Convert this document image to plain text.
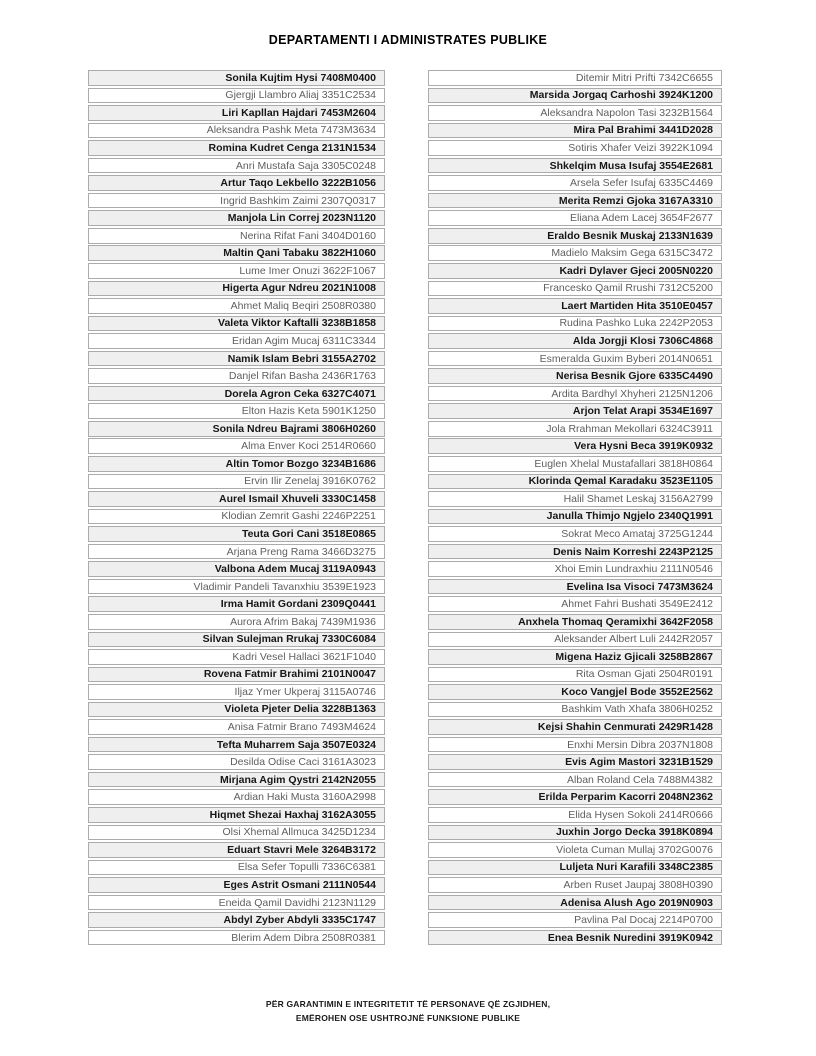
DEPARTAMENTI I ADMINISTRATES PUBLIKE
Sonila Kujtim Hysi 7408M0400
Gjergji Llambro Aliaj 3351C2534
Liri Kapllan Hajdari 7453M2604
Aleksandra Pashk Meta 7473M3634
Romina Kudret Cenga 2131N1534
Anri Mustafa Saja 3305C0248
Artur Taqo Lekbello 3222B1056
Ingrid Bashkim Zaimi 2307Q0317
Manjola Lin Correj 2023N1120
Nerina Rifat Fani 3404D0160
Maltin Qani Tabaku 3822H1060
Lume Imer Onuzi 3622F1067
Higerta Agur Ndreu 2021N1008
Ahmet Maliq Beqiri 2508R0380
Valeta Viktor Kaftalli 3238B1858
Eridan Agim Mucaj 6311C3344
Namik Islam Bebri 3155A2702
Danjel Rifan Basha 2436R1763
Dorela Agron Ceka 6327C4071
Elton Hazis Keta 5901K1250
Sonila Ndreu Bajrami 3806H0260
Alma Enver Koci 2514R0660
Altin Tomor Bozgo 3234B1686
Ervin Ilir Zenelaj 3916K0762
Aurel Ismail Xhuveli 3330C1458
Klodian Zemrit Gashi 2246P2251
Teuta Gori Cani 3518E0865
Arjana Preng Rama 3466D3275
Valbona Adem Mucaj 3119A0943
Vladimir Pandeli Tavanxhiu 3539E1923
Irma Hamit Gordani 2309Q0441
Aurora Afrim Bakaj 7439M1936
Silvan Sulejman Rrukaj 7330C6084
Kadri Vesel Hallaci 3621F1040
Rovena Fatmir Brahimi 2101N0047
Iljaz Ymer Ukperaj 3115A0746
Violeta Pjeter Delia 3228B1363
Anisa Fatmir Brano 7493M4624
Tefta Muharrem Saja 3507E0324
Desilda Odise Caci 3161A3023
Mirjana Agim Qystri 2142N2055
Ardian Haki Musta 3160A2998
Hiqmet Shezai Haxhaj 3162A3055
Olsi Xhemal Allmuca 3425D1234
Eduart Stavri Mele 3264B3172
Elsa Sefer Topulli 7336C6381
Eges Astrit Osmani 2111N0544
Eneida Qamil Davidhi 2123N1129
Abdyl Zyber Abdyli 3335C1747
Blerim Adem Dibra 2508R0381
Ditemir Mitri Prifti 7342C6655
Marsida Jorgaq Carhoshi 3924K1200
Aleksandra Napolon Tasi 3232B1564
Mira Pal Brahimi 3441D2028
Sotiris Xhafer Veizi 3922K1094
Shkelqim Musa Isufaj 3554E2681
Arsela Sefer Isufaj 6335C4469
Merita Remzi Gjoka 3167A3310
Eliana Adem Lacej 3654F2677
Eraldo Besnik Muskaj 2133N1639
Madielo Maksim Gega 6315C3472
Kadri Dylaver Gjeci 2005N0220
Francesko Qamil Rrushi 7312C5200
Laert Martiden Hita 3510E0457
Rudina Pashko Luka 2242P2053
Alda Jorgji Klosi 7306C4868
Esmeralda Guxim Byberi 2014N0651
Nerisa Besnik Gjore 6335C4490
Ardita Bardhyl Xhyheri 2125N1206
Arjon Telat Arapi 3534E1697
Jola Rrahman Mekollari 6324C3911
Vera Hysni Beca 3919K0932
Euglen Xhelal Mustafallari 3818H0864
Klorinda Qemal Karadaku 3523E1105
Halil Shamet Leskaj 3156A2799
Janulla Thimjo Ngjelo 2340Q1991
Sokrat Meco Amataj 3725G1244
Denis Naim Korreshi 2243P2125
Xhoi Emin Lundraxhiu 2111N0546
Evelina Isa Visoci 7473M3624
Ahmet Fahri Bushati 3549E2412
Anxhela Thomaq Qeramixhi 3642F2058
Aleksander Albert Luli 2442R2057
Migena Haziz Gjicali 3258B2867
Rita Osman Gjati 2504R0191
Koco Vangjel Bode 3552E2562
Bashkim Vath Xhafa 3806H0252
Kejsi Shahin Cenmurati 2429R1428
Enxhi Mersin Dibra 2037N1808
Evis Agim Mastori 3231B1529
Alban Roland Cela 7488M4382
Erilda Perparim Kacorri 2048N2362
Elida Hysen Sokoli 2414R0666
Juxhin Jorgo Decka 3918K0894
Violeta Cuman Mullaj 3702G0076
Luljeta Nuri Karafili 3348C2385
Arben Ruset Jaupaj 3808H0390
Adenisa Alush Ago 2019N0903
Pavlina Pal Docaj 2214P0700
Enea Besnik Nuredini 3919K0942
PËR GARANTIMIN E INTEGRITETIT TË PERSONAVE QË ZGJIDHEN,
EMËROHEN OSE USHTROJNË FUNKSIONE PUBLIKE
